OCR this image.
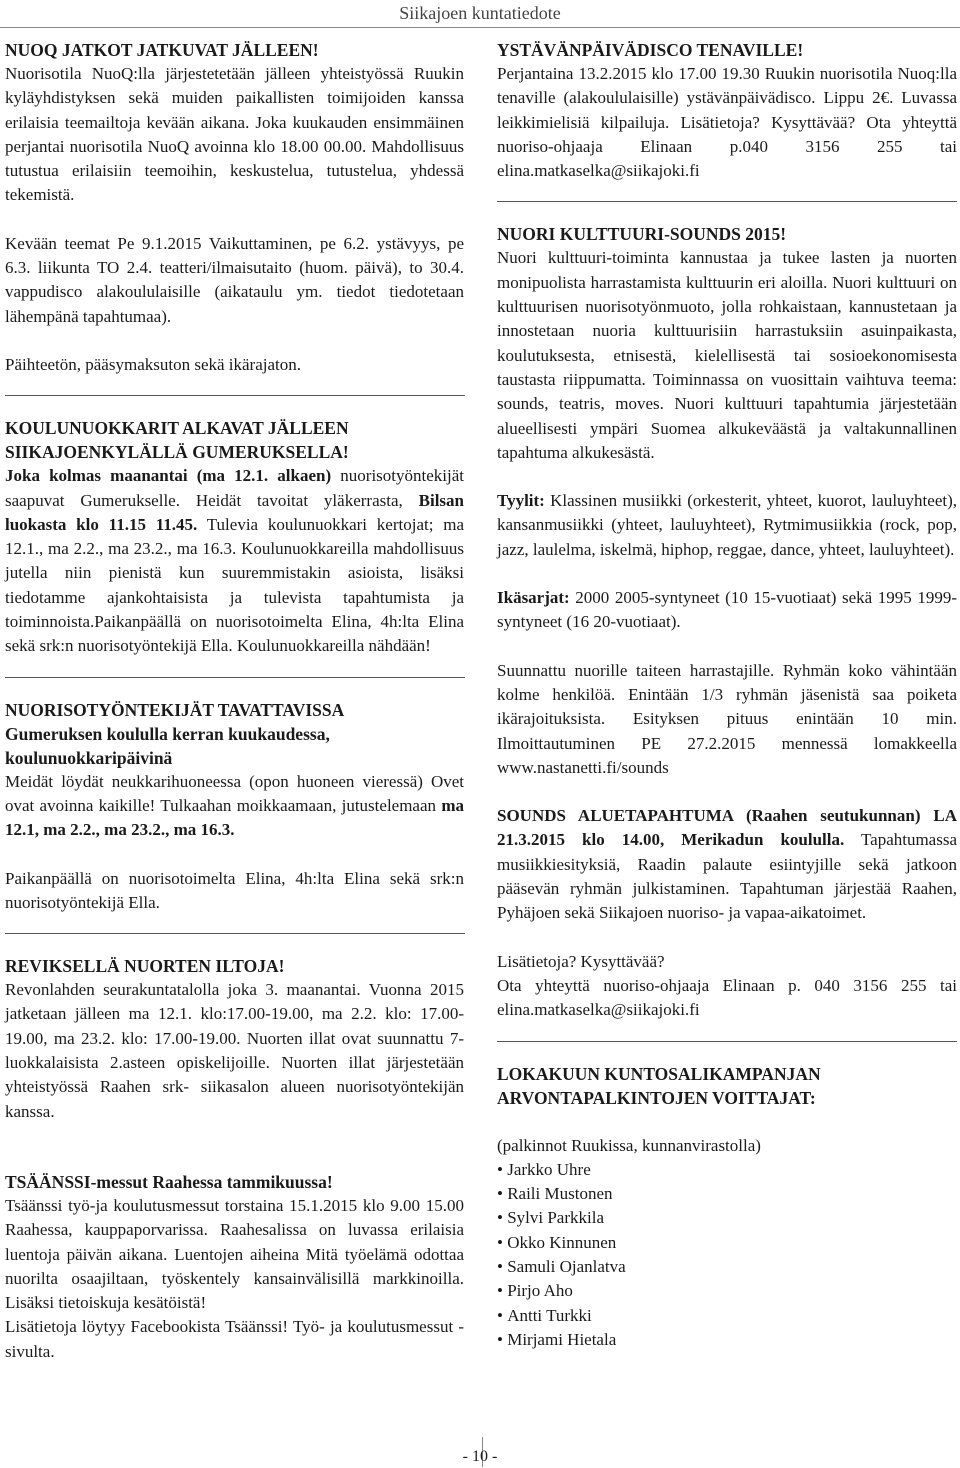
Siikajoen kuntatiedote
NUOQ JATKOT JATKUVAT JÄLLEEN!

Nuorisotila NuoQ:lla järjestetetään jälleen yhteistyössä Ruukin kyläyhdistyksen sekä muiden paikallisten toimijoiden kanssa erilaisia teemailtoja kevään aikana. Joka kuukauden ensimmäinen perjantai nuorisotila NuoQ avoinna klo 18.00 00.00. Mahdollisuus tutustua erilaisiin teemoihin, keskustelua, tutustelua, yhdessä tekemistä.

Kevään teemat Pe 9.1.2015 Vaikuttaminen, pe 6.2. ystävyys, pe 6.3. liikunta TO 2.4. teatteri/ilmaisutaito (huom. päivä), to 30.4. vappudisco alakoululaisille (aikataulu ym. tiedot tiedotetaan lähempänä tapahtumaa).

Päihteetön, pääsymaksuton sekä ikärajaton.

KOULUNUOKKARIT ALKAVAT JÄLLEEN SIIKAJOENKYLÄLLÄ GUMERUKSELLA!

Joka kolmas maanantai (ma 12.1. alkaen) nuorisotyöntekijät saapuvat Gumerukselle. Heidät tavoitat yläkerrasta, Bilsan luokasta klo 11.15 11.45. Tulevia koulunuokkari kertojat; ma 12.1., ma 2.2., ma 23.2., ma 16.3. Koulunuokkareilla mahdollisuus jutella niin pienistä kun suuremmistakin asioista, lisäksi tiedotamme ajankohtaisista ja tulevista tapahtumista ja toiminnoista.Paikanpäällä on nuorisotoimelta Elina, 4h:lta Elina sekä srk:n nuorisotyöntekijä Ella. Koulunuokkareilla nähdään!

NUORISOTYÖNTEKIJÄT TAVATTAVISSA
Gumeruksen koululla kerran kuukaudessa, koulunuokkaripäivinä

Meidät löydät neukkarihuoneessa (opon huoneen vieressä) Ovet ovat avoinna kaikille! Tulkaahan moikkaamaan, jutustelemaan ma 12.1, ma 2.2., ma 23.2., ma 16.3.

Paikanpäällä on nuorisotoimelta Elina, 4h:lta Elina sekä srk:n nuorisotyöntekijä Ella.

REVIKSELLÄ NUORTEN ILTOJA!

Revonlahden seurakuntatalolla joka 3. maanantai. Vuonna 2015 jatketaan jälleen ma 12.1. klo:17.00-19.00, ma 2.2. klo: 17.00-19.00, ma 23.2. klo: 17.00-19.00. Nuorten illat ovat suunnattu 7-luokkalaisista 2.asteen opiskelijoille. Nuorten illat järjestetään yhteistyössä Raahen srk- siikasalon alueen nuorisotyöntekijän kanssa.

TSÄÄNSSI-messut Raahessa tammikuussa!

Tsäänssi työ-ja koulutusmessut torstaina 15.1.2015 klo 9.00 15.00 Raahessa, kauppaporvarissa. Raahesalissa on luvassa erilaisia luentoja päivän aikana. Luentojen aiheina Mitä työelämä odottaa nuorilta osaajiltaan, työskentely kansainvälisillä markkinoilla. Lisäksi tietoiskuja kesätöistä!

Lisätietoja löytyy Facebookista Tsäänssi! Työ- ja koulutusmessut -sivulta.

YSTÄVÄNPÄIVÄDISCO TENAVILLE!

Perjantaina 13.2.2015 klo 17.00 19.30 Ruukin nuorisotila Nuoq:lla tenaville (alakoululaisille) ystävänpäivädisco. Lippu 2€. Luvassa leikkimielisiä kilpailuja. Lisätietoja? Kysyttävää? Ota yhteyttä nuoriso-ohjaaja Elinaan p.040 3156 255 tai elina.matkaselka@siikajoki.fi

NUORI KULTTUURI-SOUNDS 2015!

Nuori kulttuuri-toiminta kannustaa ja tukee lasten ja nuorten monipuolista harrastamista kulttuurin eri aloilla. Nuori kulttuuri on kulttuurisen nuorisotyönmuoto, jolla rohkaistaan, kannustetaan ja innostetaan nuoria kulttuurisiin harrastuksiin asuinpaikasta, koulutuksesta, etnisestä, kielellisestä tai sosioekonomisesta taustasta riippumatta. Toiminnassa on vuosittain vaihtuva teema: sounds, teatris, moves. Nuori kulttuuri tapahtumia järjestetään alueellisesti ympäri Suomea alkukeväästä ja valtakunnallinen tapahtuma alkukesästä.

Tyylit: Klassinen musiikki (orkesterit, yhteet, kuorot, lauluyhteet), kansanmusiikki (yhteet, lauluyhteet), Rytmimusiikkia (rock, pop, jazz, laulelma, iskelmä, hiphop, reggae, dance, yhteet, lauluyhteet).

Ikäsarjat: 2000 2005-syntyneet (10 15-vuotiaat) sekä 1995 1999-syntyneet (16 20-vuotiaat).

Suunnattu nuorille taiteen harrastajille. Ryhmän koko vähintään kolme henkilöä. Enintään 1/3 ryhmän jäsenistä saa poiketa ikärajoituksista. Esityksen pituus enintään 10 min. Ilmoittautuminen PE 27.2.2015 mennessä lomakkeella www.nastanetti.fi/sounds

SOUNDS ALUETAPAHTUMA (Raahen seutukunnan) LA 21.3.2015 klo 14.00, Merikadun koululla. Tapahtumassa musiikkiesityksiä, Raadin palaute esiintyjille sekä jatkoon pääsevän ryhmän julkistaminen. Tapahtuman järjestää Raahen, Pyhäjoen sekä Siikajoen nuoriso- ja vapaa-aikatoimet.

Lisätietoja? Kysyttävää?

Ota yhteyttä nuoriso-ohjaaja Elinaan p. 040 3156 255 tai elina.matkaselka@siikajoki.fi

LOKAKUUN KUNTOSALIKAMPANJAN ARVONTAPALKINTOJEN VOITTAJAT:

(palkinnot Ruukissa, kunnanvirastolla)

• Jarkko Uhre
• Raili Mustonen
• Sylvi Parkkila
• Okko Kinnunen
• Samuli Ojanlatva
• Pirjo Aho
• Antti Turkki
• Mirjami Hietala
- 10 -
